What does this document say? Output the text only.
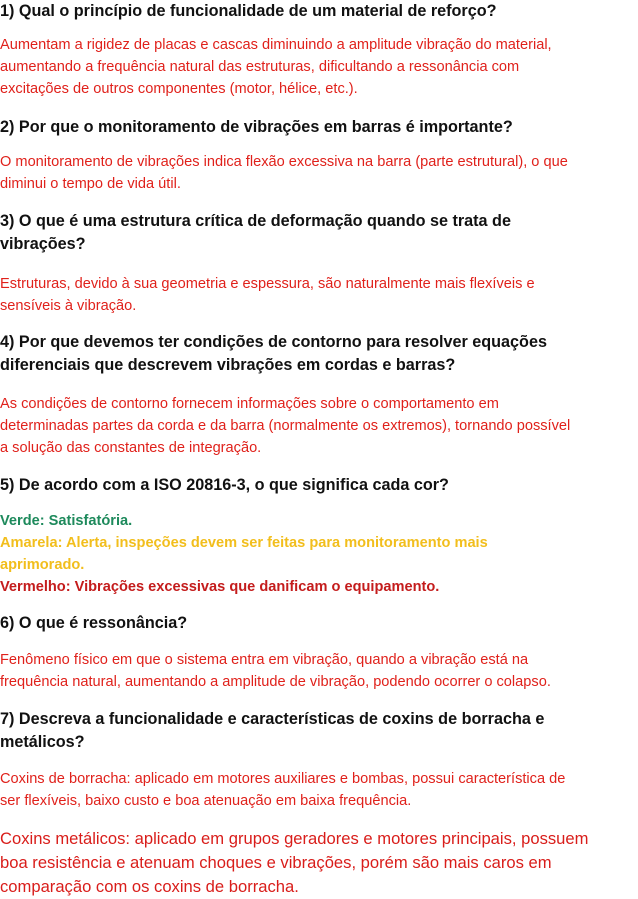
1) Qual o princípio de funcionalidade de um material de reforço?

Aumentam a rigidez de placas e cascas diminuindo a amplitude vibração do material,
aumentando a frequência natural das estruturas, dificultando a ressonância com
excitações de outros componentes (motor, hélice, etc.).

2) Por que o monitoramento de vibrações em barras é importante?

O monitoramento de vibrações indica flexão excessiva na barra (parte estrutural), o que
diminui o tempo de vida útil.

3) O que é uma estrutura crítica de deformação quando se trata de
vibrações?

Estruturas, devido à sua geometria e espessura, são naturalmente mais flexíveis e
sensíveis à vibração.

4) Por que devemos ter condições de contorno para resolver equações
diferenciais que descrevem vibrações em cordas e barras?

As condições de contorno fornecem informações sobre o comportamento em
determinadas partes da corda e da barra (normalmente os extremos), tornando possível
a solução das constantes de integração.

5) De acordo com a ISO 20816-3, o que significa cada cor?

Verde: Satisfatória.
Amarela: Alerta, inspeções devem ser feitas para monitoramento mais
aprimorado.
Vermelho: Vibrações excessivas que danificam o equipamento.

6) O que é ressonância?

Fenômeno físico em que o sistema entra em vibração, quando a vibração está na
frequência natural, aumentando a amplitude de vibração, podendo ocorrer o colapso.

7) Descreva a funcionalidade e características de coxins de borracha e
metálicos?

Coxins de borracha: aplicado em motores auxiliares e bombas, possui característica de
ser flexíveis, baixo custo e boa atenuação em baixa frequência.

Coxins metálicos: aplicado em grupos geradores e motores principais, possuem
boa resistência e atenuam choques e vibrações, porém são mais caros em
comparação com os coxins de borracha.
